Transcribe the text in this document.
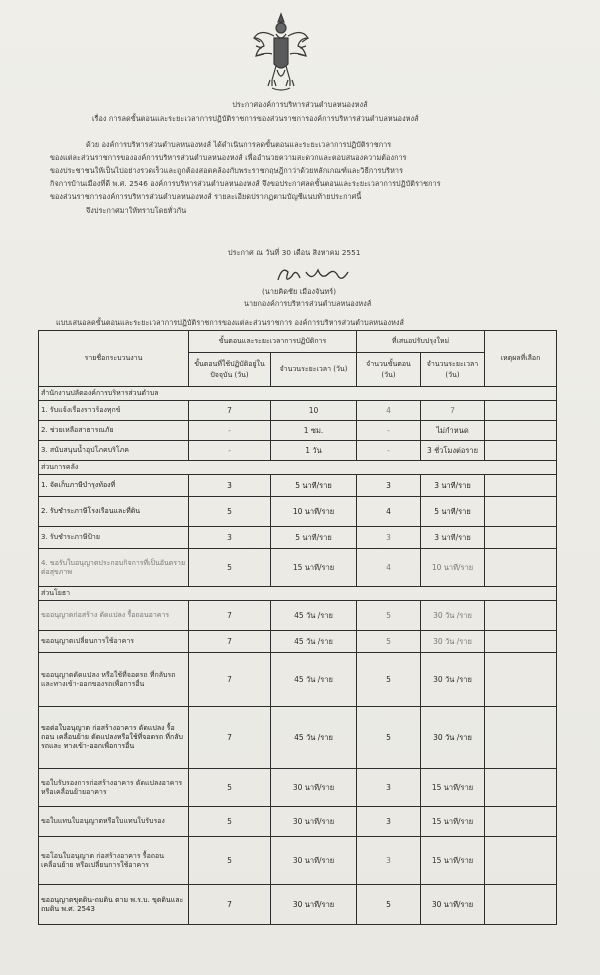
ประกาศองค์การบริหารส่วนตำบลหนองหงส์
เรื่อง การลดขั้นตอนและระยะเวลาการปฏิบัติราชการของส่วนราชการองค์การบริหารส่วนตำบลหนองหงส์
ด้วย องค์การบริหารส่วนตำบลหนองหงส์ ได้ดำเนินการลดขั้นตอนและระยะเวลาการปฏิบัติราชการ
ของแต่ละส่วนราชการขององค์การบริหารส่วนตำบลหนองหงส์ เพื่ออำนวยความสะดวกและตอบสนองความต้องการ
ของประชาชนให้เป็นไปอย่างรวดเร็วและถูกต้องสอดคล้องกับพระราชกฤษฎีกาว่าด้วยหลักเกณฑ์และวิธีการบริหาร
กิจการบ้านเมืองที่ดี พ.ศ. 2546 องค์การบริหารส่วนตำบลหนองหงส์ จึงขอประกาศลดขั้นตอนและระยะเวลาการปฏิบัติราชการ
ของส่วนราชการองค์การบริหารส่วนตำบลหนองหงส์ รายละเอียดปรากฏตามบัญชีแนบท้ายประกาศนี้
จึงประกาศมาให้ทราบโดยทั่วกัน
ประกาศ ณ วันที่ 30 เดือน สิงหาคม 2551
(นายคิดชัย เมืองจันทร์)
นายกองค์การบริหารส่วนตำบลหนองหงส์
แบบเสนอลดขั้นตอนและระยะเวลาการปฏิบัติราชการของแต่ละส่วนราชการ องค์การบริหารส่วนตำบลหนองหงส์
รายชื่อกระบวนงาน	ขั้นตอนและระยะเวลาการปฏิบัติการ		ที่เสนอปรับปรุงใหม่		เหตุผลที่เลือก
	ขั้นตอนที่ใช้ปฏิบัติอยู่ในปัจจุบัน (วัน)	จำนวนระยะเวลา (วัน)	จำนวนขั้นตอน (วัน)	จำนวนระยะเวลา (วัน)	
สำนักงานปลัดองค์การบริหารส่วนตำบล					
1. รับแจ้งเรื่องราวร้องทุกข์	7	10	4	7	
2. ช่วยเหลือสาธารณภัย	-	1 ซม.	-	ไม่กำหนด	
3. สนับสนุนน้ำอุปโภคบริโภค	-	1 วัน	-	3 ชั่วโมงต่อราย	
ส่วนการคลัง					
1. จัดเก็บภาษีบำรุงท้องที่	3	5 นาที/ราย	3	3 นาที/ราย	
2. รับชำระภาษีโรงเรือนและที่ดิน	5	10 นาที/ราย	4	5 นาที/ราย	
3. รับชำระภาษีป้าย	3	5 นาที/ราย	3	3 นาที/ราย	
4. ขอรับใบอนุญาตประกอบกิจการที่เป็นอันตรายต่อสุขภาพ	5	15 นาที/ราย	4	10 นาที/ราย	
ส่วนโยธา					
ขออนุญาตก่อสร้าง ดัดแปลง รื้อถอนอาคาร	7	45 วัน /ราย	5	30 วัน /ราย	
ขออนุญาตเปลี่ยนการใช้อาคาร	7	45 วัน /ราย	5	30 วัน /ราย	
ขออนุญาตดัดแปลง หรือใช้ที่จอดรถ ที่กลับรถ และทางเข้า-ออกของรถเพื่อการอื่น	7	45 วัน /ราย	5	30 วัน /ราย	
ขอต่อใบอนุญาต ก่อสร้างอาคาร ดัดแปลง รื้อถอน เคลื่อนย้าย ดัดแปลงหรือใช้ที่จอดรถ ที่กลับรถและ ทางเข้า-ออกเพื่อการอื่น	7	45 วัน /ราย	5	30 วัน /ราย	
ขอใบรับรองการก่อสร้างอาคาร ดัดแปลงอาคาร หรือเคลื่อนย้ายอาคาร	5	30 นาที/ราย	3	15 นาที/ราย	
ขอใบแทนใบอนุญาตหรือใบแทนใบรับรอง	5	30 นาที/ราย	3	15 นาที/ราย	
ขอโอนใบอนุญาต ก่อสร้างอาคาร รื้อถอน เคลื่อนย้าย หรือเปลี่ยนการใช้อาคาร	5	30 นาที/ราย	3	15 นาที/ราย	
ขออนุญาตขุดดิน-ถมดิน ตาม พ.ร.บ. ขุดดินและถมดิน พ.ศ. 2543	7	30 นาที/ราย	5	30 นาที/ราย	
